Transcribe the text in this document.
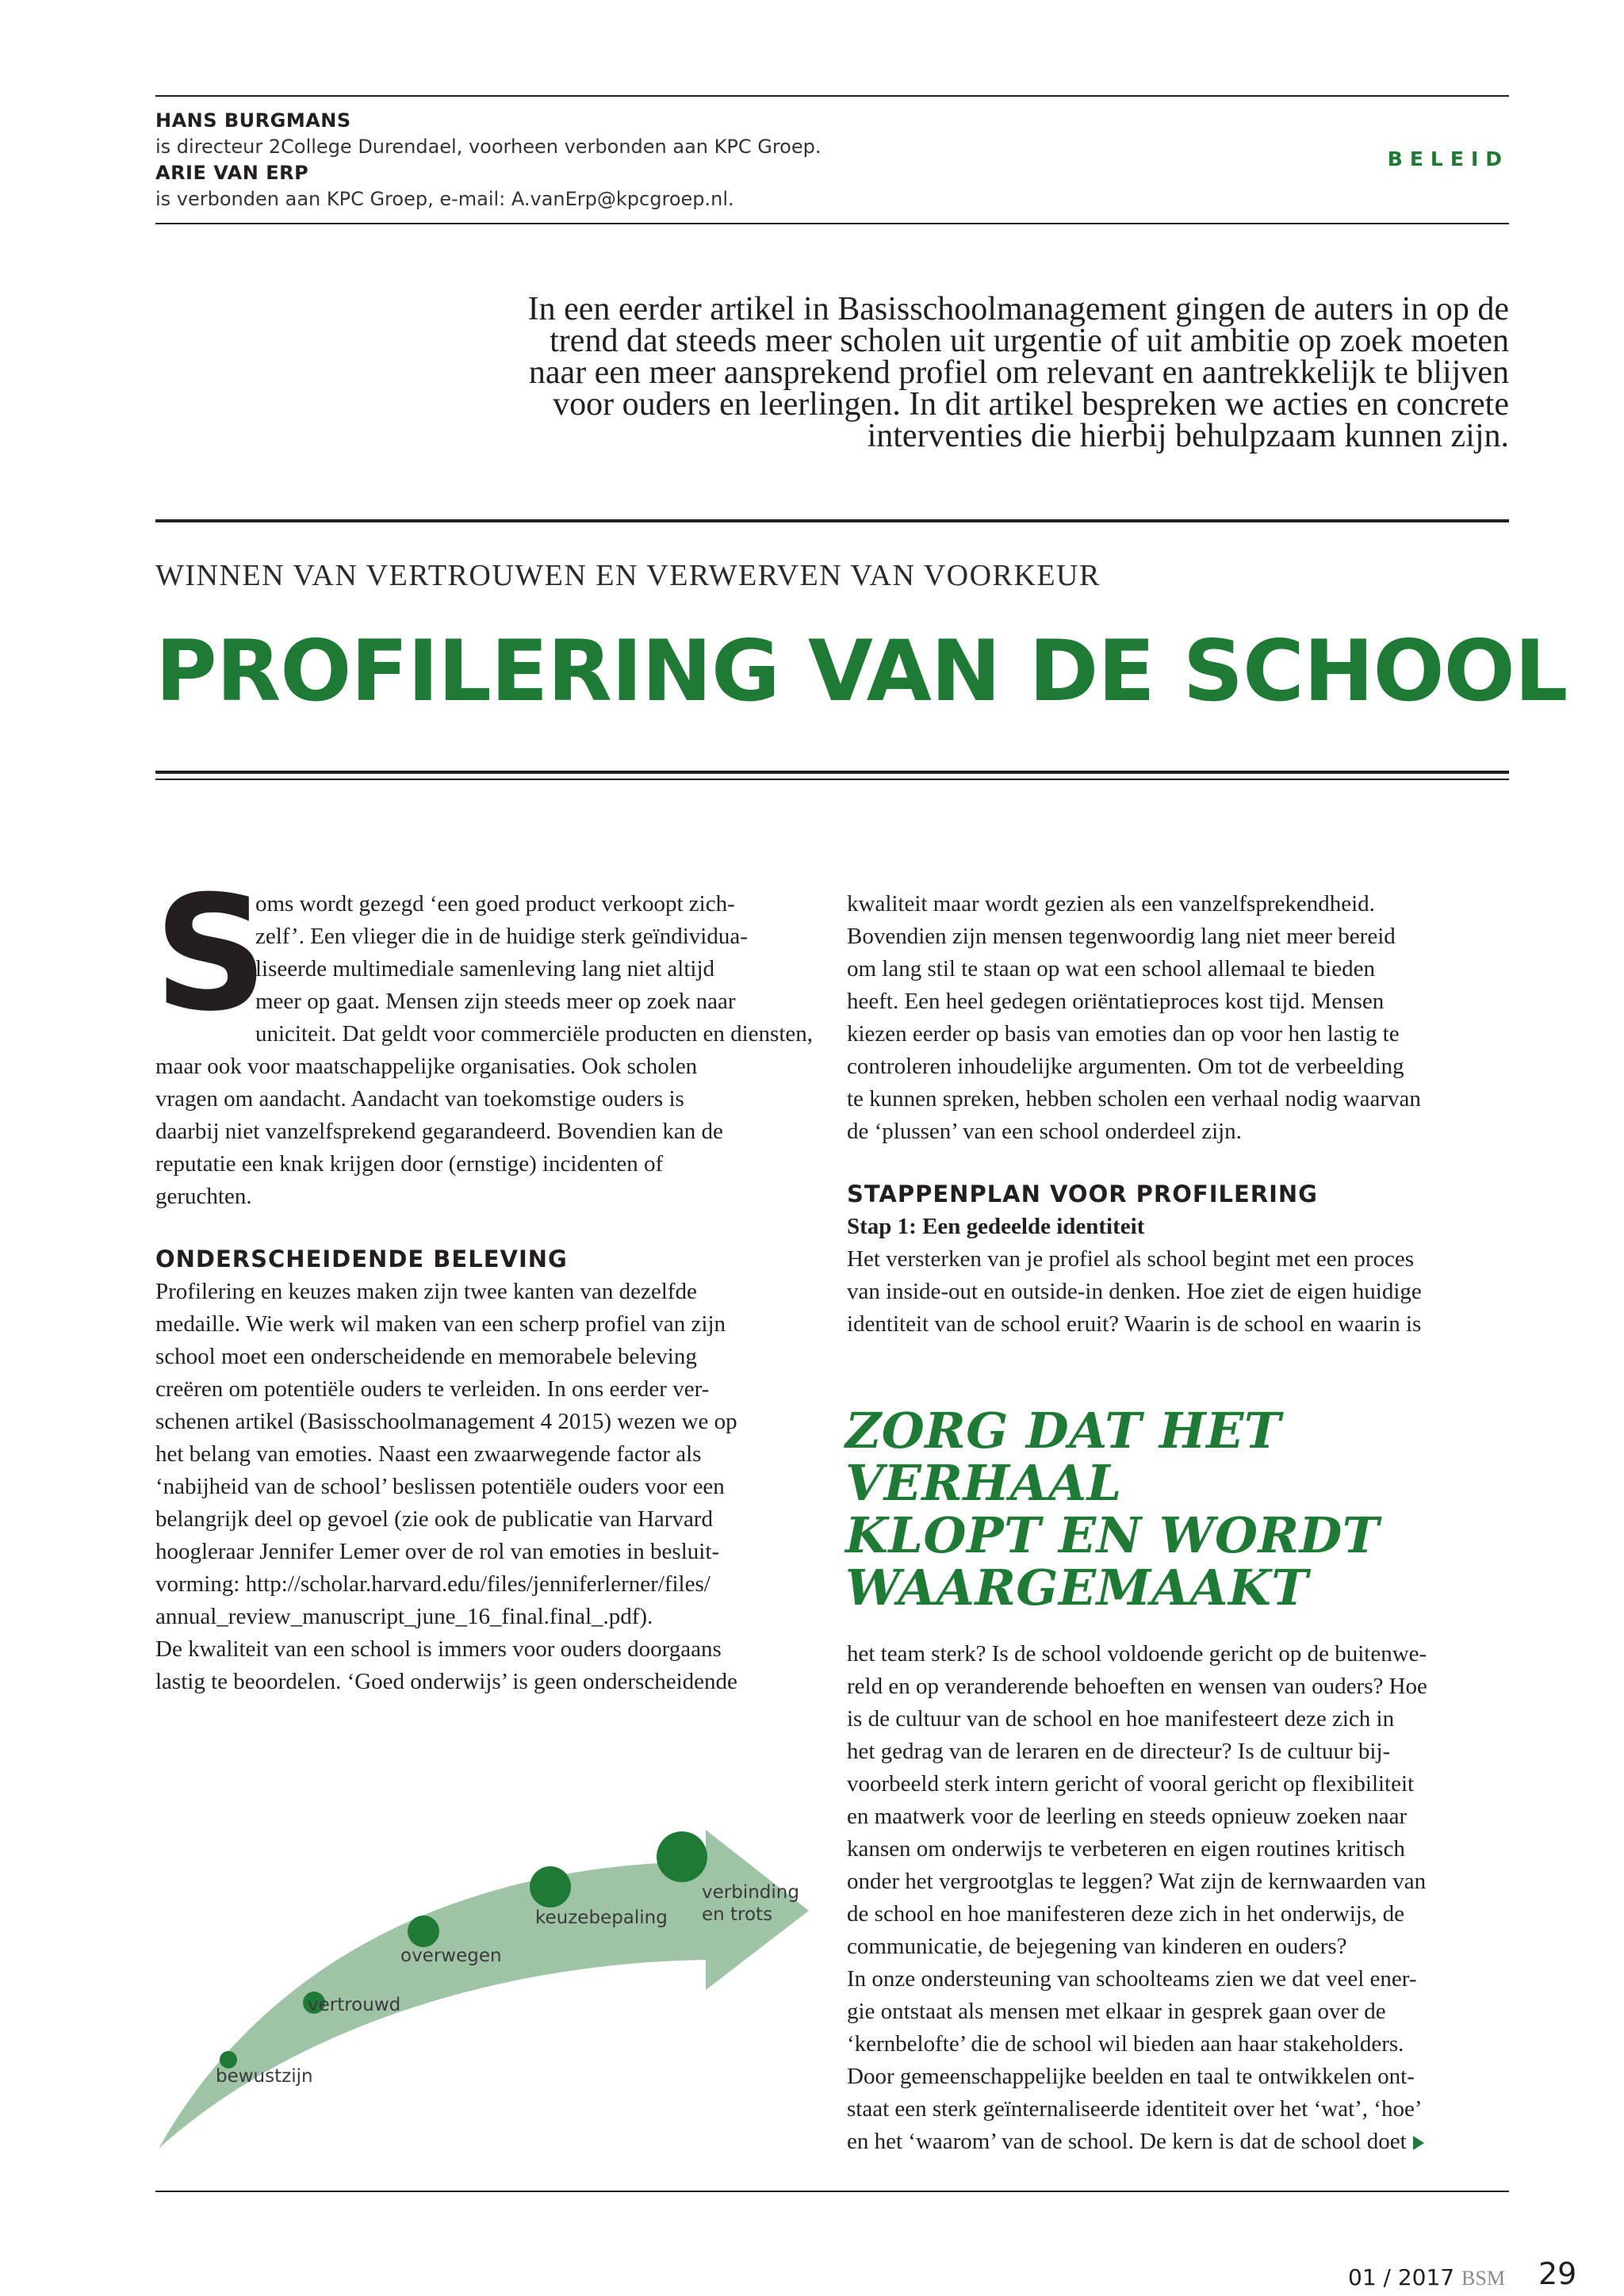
HANS BURGMANS
is directeur 2College Durendael, voorheen verbonden aan KPC Groep.
ARIE VAN ERP
is verbonden aan KPC Groep, e-mail: A.vanErp@kpcgroep.nl.
BELEID
In een eerder artikel in Basisschoolmanagement gingen de auters in op de
trend dat steeds meer scholen uit urgentie of uit ambitie op zoek moeten
naar een meer aansprekend profiel om relevant en aantrekkelijk te blijven
voor ouders en leerlingen. In dit artikel bespreken we acties en concrete
interventies die hierbij behulpzaam kunnen zijn.
WINNEN VAN VERTROUWEN EN VERWERVEN VAN VOORKEUR
PROFILERING VAN DE SCHOOL
S
oms wordt gezegd ‘een goed product verkoopt zich-
zelf’. Een vlieger die in de huidige sterk geïndividua-
liseerde multimediale samenleving lang niet altijd
meer op gaat. Mensen zijn steeds meer op zoek naar
uniciteit. Dat geldt voor commerciële producten en diensten,
maar ook voor maatschappelijke organisaties. Ook scholen
vragen om aandacht. Aandacht van toekomstige ouders is
daarbij niet vanzelfsprekend gegarandeerd. Bovendien kan de
reputatie een knak krijgen door (ernstige) incidenten of
geruchten.
ONDERSCHEIDENDE BELEVING
Profilering en keuzes maken zijn twee kanten van dezelfde
medaille. Wie werk wil maken van een scherp profiel van zijn
school moet een onderscheidende en memorabele beleving
creëren om potentiële ouders te verleiden. In ons eerder ver-
schenen artikel (Basisschoolmanagement 4 2015) wezen we op
het belang van emoties. Naast een zwaarwegende factor als
‘nabijheid van de school’ beslissen potentiële ouders voor een
belangrijk deel op gevoel (zie ook de publicatie van Harvard
hoogleraar Jennifer Lemer over de rol van emoties in besluit-
vorming: http://scholar.harvard.edu/files/jenniferlerner/files/
annual_review_manuscript_june_16_final.final_.pdf).
De kwaliteit van een school is immers voor ouders doorgaans
lastig te beoordelen. ‘Goed onderwijs’ is geen onderscheidende
kwaliteit maar wordt gezien als een vanzelfsprekendheid.
Bovendien zijn mensen tegenwoordig lang niet meer bereid
om lang stil te staan op wat een school allemaal te bieden
heeft. Een heel gedegen oriëntatieproces kost tijd. Mensen
kiezen eerder op basis van emoties dan op voor hen lastig te
controleren inhoudelijke argumenten. Om tot de verbeelding
te kunnen spreken, hebben scholen een verhaal nodig waarvan
de ‘plussen’ van een school onderdeel zijn.
STAPPENPLAN VOOR PROFILERING
Stap 1: Een gedeelde identiteit
Het versterken van je profiel als school begint met een proces
van inside-out en outside-in denken. Hoe ziet de eigen huidige
identiteit van de school eruit? Waarin is de school en waarin is
ZORG DAT HET VERHAAL
KLOPT EN WORDT
WAARGEMAAKT
het team sterk? Is de school voldoende gericht op de buitenwe-
reld en op veranderende behoeften en wensen van ouders? Hoe
is de cultuur van de school en hoe manifesteert deze zich in
het gedrag van de leraren en de directeur? Is de cultuur bij-
voorbeeld sterk intern gericht of vooral gericht op flexibiliteit
en maatwerk voor de leerling en steeds opnieuw zoeken naar
kansen om onderwijs te verbeteren en eigen routines kritisch
onder het vergrootglas te leggen? Wat zijn de kernwaarden van
de school en hoe manifesteren deze zich in het onderwijs, de
communicatie, de bejegening van kinderen en ouders?
In onze ondersteuning van schoolteams zien we dat veel ener-
gie ontstaat als mensen met elkaar in gesprek gaan over de
‘kernbelofte’ die de school wil bieden aan haar stakeholders.
Door gemeenschappelijke beelden en taal te ontwikkelen ont-
staat een sterk geïnternaliseerde identiteit over het ‘wat’, ‘hoe’
en het ‘waarom’ van de school. De kern is dat de school doet
bewustzijn
vertrouwd
overwegen
keuzebepaling
verbinding
en trots
01 / 2017 BSM 29
